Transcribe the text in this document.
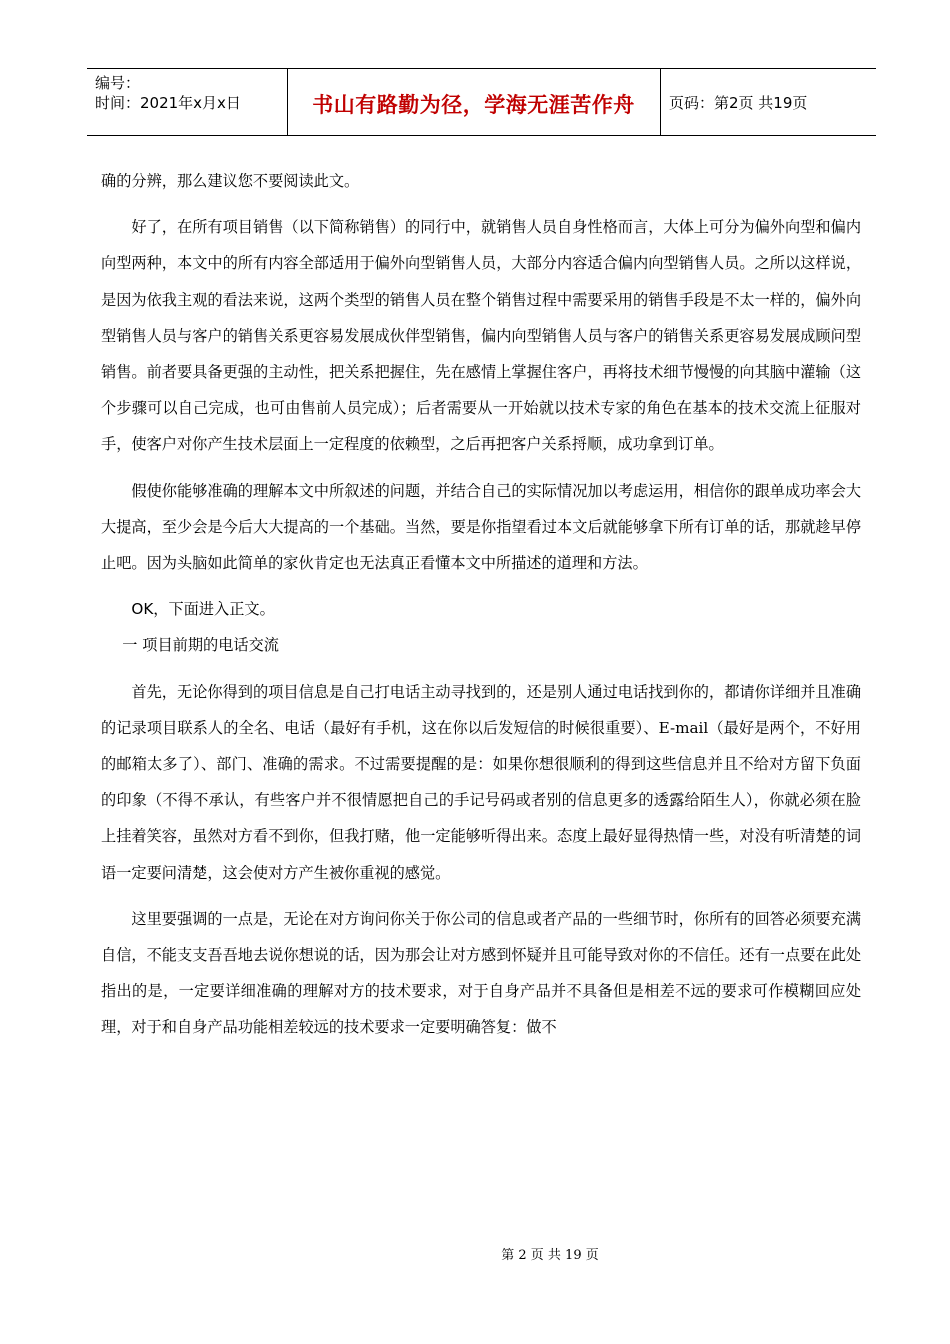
编号：
时间：2021年x月x日	书山有路勤为径，学海无涯苦作舟	页码：第2页 共19页

确的分辨，那么建议您不要阅读此文。

好了，在所有项目销售（以下简称销售）的同行中，就销售人员自身性格而言，大体上可分为偏外向型和偏内向型两种，本文中的所有内容全部适用于偏外向型销售人员，大部分内容适合偏内向型销售人员。之所以这样说，是因为依我主观的看法来说，这两个类型的销售人员在整个销售过程中需要采用的销售手段是不太一样的，偏外向型销售人员与客户的销售关系更容易发展成伙伴型销售，偏内向型销售人员与客户的销售关系更容易发展成顾问型销售。前者要具备更强的主动性，把关系把握住，先在感情上掌握住客户，再将技术细节慢慢的向其脑中灌输（这个步骤可以自己完成，也可由售前人员完成）；后者需要从一开始就以技术专家的角色在基本的技术交流上征服对手，使客户对你产生技术层面上一定程度的依赖型，之后再把客户关系捋顺，成功拿到订单。

假使你能够准确的理解本文中所叙述的问题，并结合自己的实际情况加以考虑运用，相信你的跟单成功率会大大提高，至少会是今后大大提高的一个基础。当然，要是你指望看过本文后就能够拿下所有订单的话，那就趁早停止吧。因为头脑如此简单的家伙肯定也无法真正看懂本文中所描述的道理和方法。

OK，下面进入正文。

一 项目前期的电话交流

首先，无论你得到的项目信息是自己打电话主动寻找到的，还是别人通过电话找到你的，都请你详细并且准确的记录项目联系人的全名、电话（最好有手机，这在你以后发短信的时候很重要）、E-mail（最好是两个，不好用的邮箱太多了）、部门、准确的需求。不过需要提醒的是：如果你想很顺利的得到这些信息并且不给对方留下负面的印象（不得不承认，有些客户并不很情愿把自己的手记号码或者别的信息更多的透露给陌生人），你就必须在脸上挂着笑容，虽然对方看不到你，但我打赌，他一定能够听得出来。态度上最好显得热情一些，对没有听清楚的词语一定要问清楚，这会使对方产生被你重视的感觉。

这里要强调的一点是，无论在对方询问你关于你公司的信息或者产品的一些细节时，你所有的回答必须要充满自信，不能支支吾吾地去说你想说的话，因为那会让对方感到怀疑并且可能导致对你的不信任。还有一点要在此处指出的是，一定要详细准确的理解对方的技术要求，对于自身产品并不具备但是相差不远的要求可作模糊回应处理，对于和自身产品功能相差较远的技术要求一定要明确答复：做不

第 2 页 共 19 页
